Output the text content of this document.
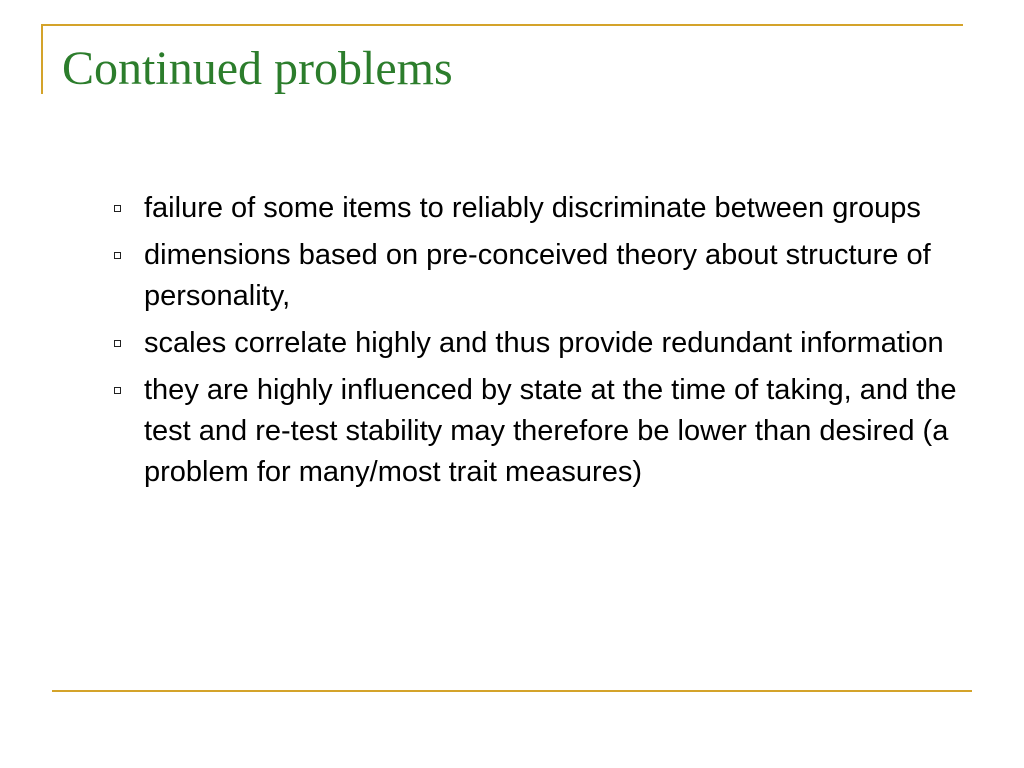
Continued problems
failure of some items to reliably discriminate between groups
dimensions based on pre-conceived theory about structure of personality,
scales correlate highly and thus provide redundant information
they are highly influenced by state at the time of taking, and the test and re-test stability may therefore be lower than desired (a problem for many/most trait measures)
